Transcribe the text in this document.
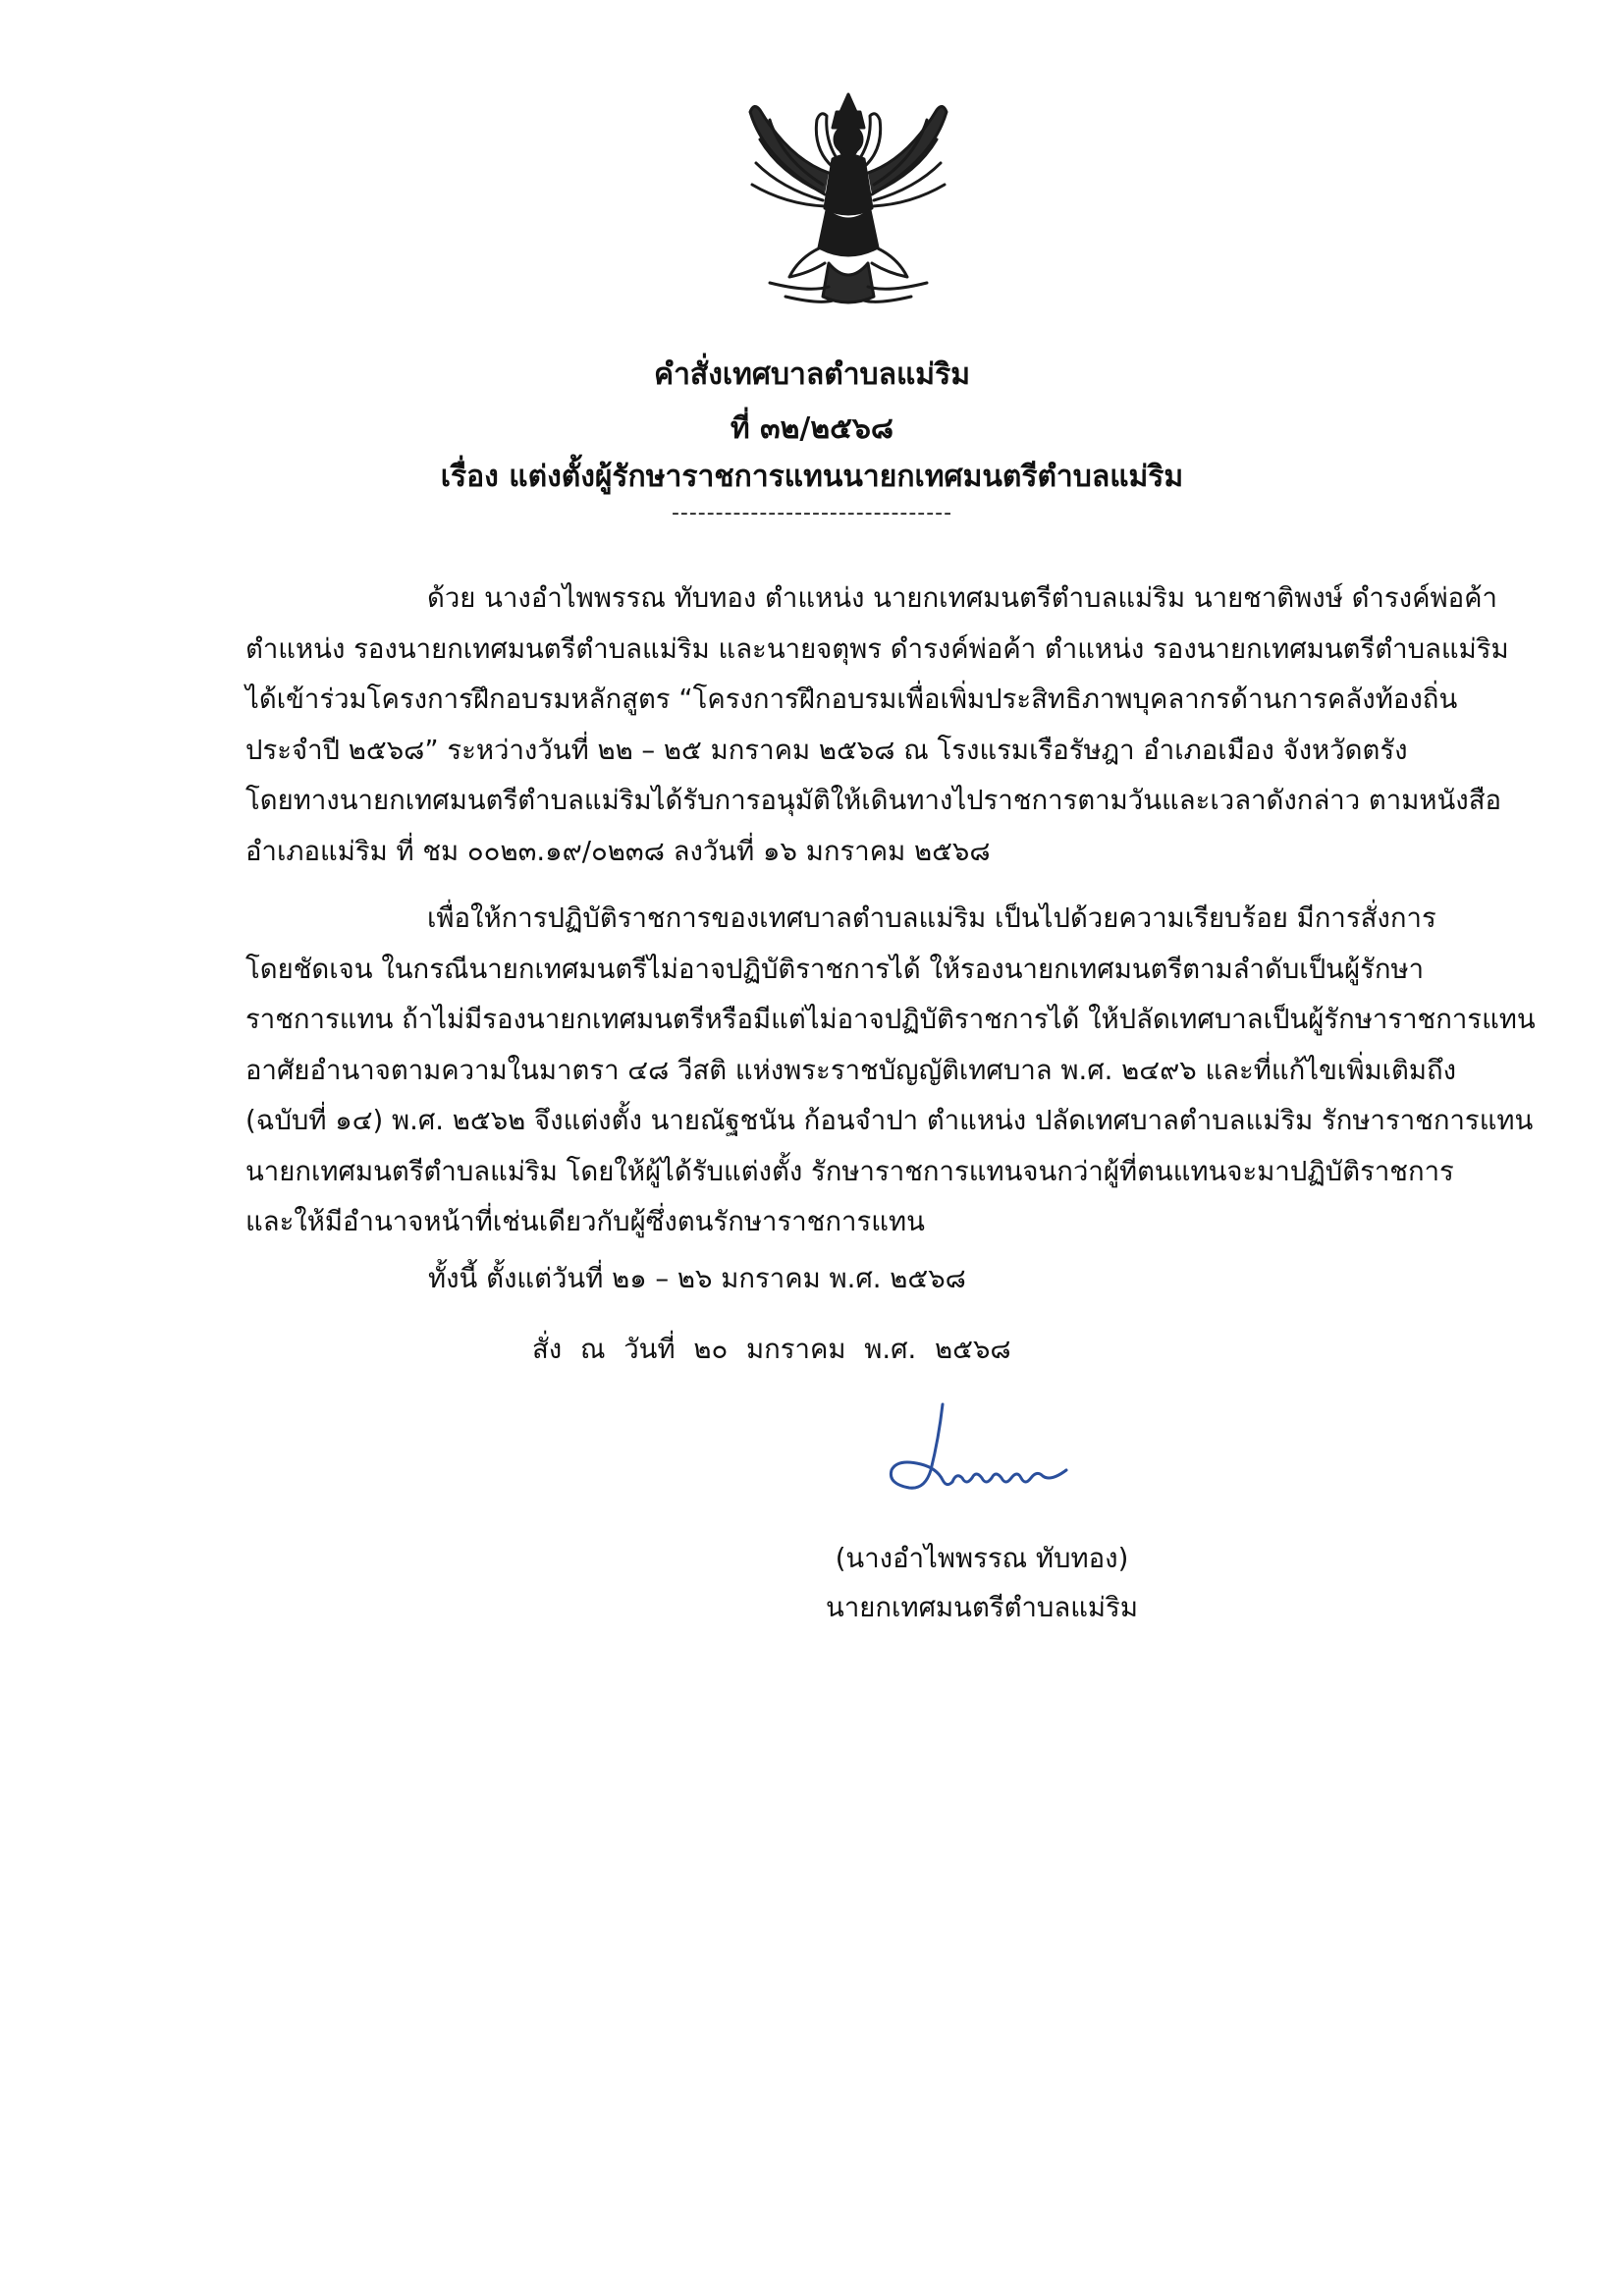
คำสั่งเทศบาลตำบลแม่ริม
ที่ ๓๒/๒๕๖๘
เรื่อง แต่งตั้งผู้รักษาราชการแทนนายกเทศมนตรีตำบลแม่ริม
--------------------------------
ด้วย นางอำไพพรรณ ทับทอง ตำแหน่ง นายกเทศมนตรีตำบลแม่ริม นายชาติพงษ์ ดำรงค์พ่อค้า
ตำแหน่ง รองนายกเทศมนตรีตำบลแม่ริม และนายจตุพร ดำรงค์พ่อค้า ตำแหน่ง รองนายกเทศมนตรีตำบลแม่ริม
ได้เข้าร่วมโครงการฝึกอบรมหลักสูตร “โครงการฝึกอบรมเพื่อเพิ่มประสิทธิภาพบุคลากรด้านการคลังท้องถิ่น
ประจำปี ๒๕๖๘” ระหว่างวันที่ ๒๒ – ๒๕ มกราคม ๒๕๖๘ ณ โรงแรมเรือรัษฎา อำเภอเมือง จังหวัดตรัง
โดยทางนายกเทศมนตรีตำบลแม่ริมได้รับการอนุมัติให้เดินทางไปราชการตามวันและเวลาดังกล่าว ตามหนังสือ
อำเภอแม่ริม ที่ ชม ๐๐๒๓.๑๙/๐๒๓๘ ลงวันที่ ๑๖ มกราคม ๒๕๖๘
เพื่อให้การปฏิบัติราชการของเทศบาลตำบลแม่ริม เป็นไปด้วยความเรียบร้อย มีการสั่งการ
โดยชัดเจน ในกรณีนายกเทศมนตรีไม่อาจปฏิบัติราชการได้ ให้รองนายกเทศมนตรีตามลำดับเป็นผู้รักษา
ราชการแทน ถ้าไม่มีรองนายกเทศมนตรีหรือมีแต่ไม่อาจปฏิบัติราชการได้ ให้ปลัดเทศบาลเป็นผู้รักษาราชการแทน
อาศัยอำนาจตามความในมาตรา ๔๘ วีสติ แห่งพระราชบัญญัติเทศบาล พ.ศ. ๒๔๙๖ และที่แก้ไขเพิ่มเติมถึง
(ฉบับที่ ๑๔) พ.ศ. ๒๕๖๒ จึงแต่งตั้ง นายณัฐชนัน ก้อนจำปา ตำแหน่ง ปลัดเทศบาลตำบลแม่ริม รักษาราชการแทน
นายกเทศมนตรีตำบลแม่ริม โดยให้ผู้ได้รับแต่งตั้ง รักษาราชการแทนจนกว่าผู้ที่ตนแทนจะมาปฏิบัติราชการ
และให้มีอำนาจหน้าที่เช่นเดียวกับผู้ซึ่งตนรักษาราชการแทน
ทั้งนี้ ตั้งแต่วันที่ ๒๑ – ๒๖ มกราคม พ.ศ. ๒๕๖๘
สั่ง ณ วันที่ ๒๐ มกราคม พ.ศ. ๒๕๖๘
(นางอำไพพรรณ ทับทอง)
นายกเทศมนตรีตำบลแม่ริม
